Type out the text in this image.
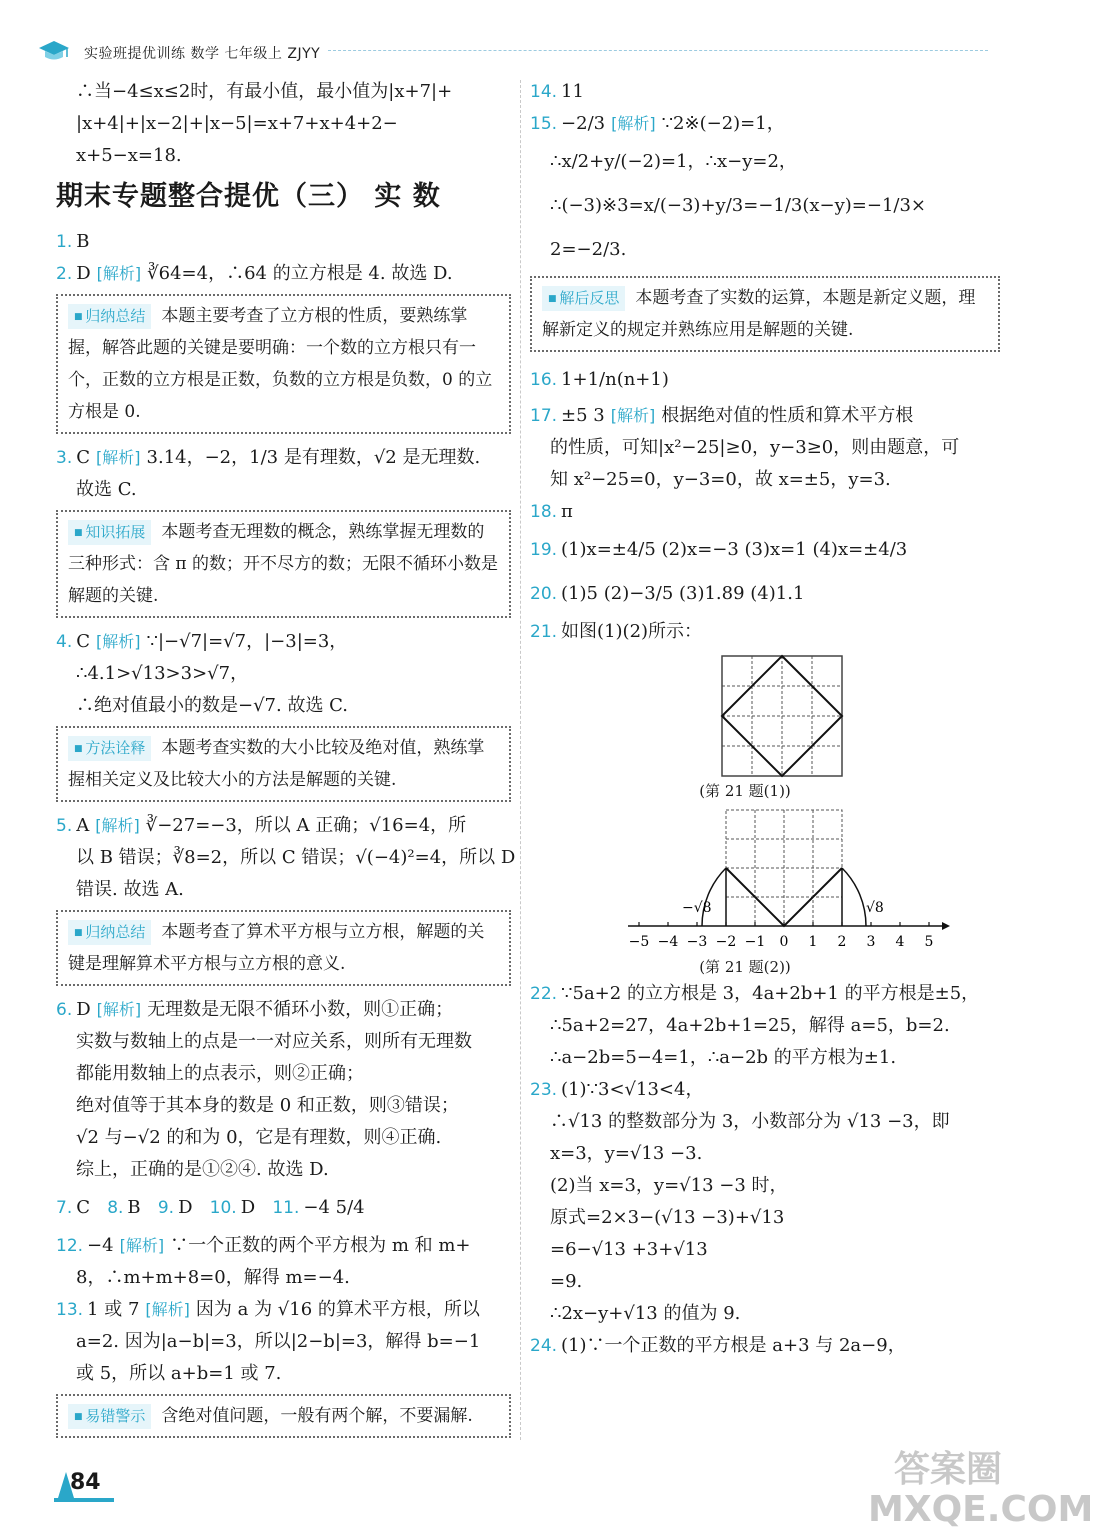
实验班提优训练 数学 七年级上 ZJYY
∴当−4≤x≤2时，有最小值，最小值为|x+7|+
|x+4|+|x−2|+|x−5|=x+7+x+4+2−
x+5−x=18.
期末专题整合提优（三） 实 数
1. B
2. D [解析] ∛64=4，∴64 的立方根是 4. 故选 D.
■ 归纳总结 本题主要考查了立方根的性质，要熟练掌握，解答此题的关键是要明确：一个数的立方根只有一个，正数的立方根是正数，负数的立方根是负数，0 的立方根是 0.
3. C [解析] 3.14，−2，1/3 是有理数，√2 是无理数.
故选 C.
■ 知识拓展 本题考查无理数的概念，熟练掌握无理数的三种形式：含 π 的数；开不尽方的数；无限不循环小数是解题的关键.
4. C [解析] ∵|−√7|=√7，|−3|=3，
∴4.1>√13>3>√7，
∴绝对值最小的数是−√7. 故选 C.
■ 方法诠释 本题考查实数的大小比较及绝对值，熟练掌握相关定义及比较大小的方法是解题的关键.
5. A [解析] ∛−27=−3，所以 A 正确；√16=4，所
以 B 错误；∛8=2，所以 C 错误；√(−4)²=4，所以 D
错误. 故选 A.
■ 归纳总结 本题考查了算术平方根与立方根，解题的关键是理解算术平方根与立方根的意义.
6. D [解析] 无理数是无限不循环小数，则①正确；
实数与数轴上的点是一一对应关系，则所有无理数
都能用数轴上的点表示，则②正确；
绝对值等于其本身的数是 0 和正数，则③错误；
√2 与−√2 的和为 0，它是有理数，则④正确.
综上，正确的是①②④. 故选 D.
7. C 8. B 9. D 10. D 11. −4 5/4
12. −4 [解析] ∵一个正数的两个平方根为 m 和 m+
8，∴m+m+8=0，解得 m=−4.
13. 1 或 7 [解析] 因为 a 为 √16 的算术平方根，所以
a=2. 因为|a−b|=3，所以|2−b|=3，解得 b=−1
或 5，所以 a+b=1 或 7.
■ 易错警示 含绝对值问题，一般有两个解，不要漏解.
14. 11
15. −2/3 [解析] ∵2※(−2)=1，
∴x/2+y/(−2)=1，∴x−y=2，
∴(−3)※3=x/(−3)+y/3=−1/3(x−y)=−1/3×
2=−2/3.
■ 解后反思 本题考查了实数的运算，本题是新定义题，理解新定义的规定并熟练应用是解题的关键.
16. 1+1/n(n+1)
17. ±5 3 [解析] 根据绝对值的性质和算术平方根
的性质，可知|x²−25|≥0，y−3≥0，则由题意，可
知 x²−25=0，y−3=0，故 x=±5，y=3.
18. π
19. (1)x=±4/5 (2)x=−3 (3)x=1 (4)x=±4/3
20. (1)5 (2)−3/5 (3)1.89 (4)1.1
21. 如图(1)(2)所示：
(第 21 题(1))
−√8	√8
−5 −4 −3 −2 −1 0 1 2 3 4 5
(第 21 题(2))
22. ∵5a+2 的立方根是 3，4a+2b+1 的平方根是±5，
∴5a+2=27，4a+2b+1=25，解得 a=5，b=2.
∴a−2b=5−4=1，∴a−2b 的平方根为±1.
23. (1)∵3<√13<4，
∴√13 的整数部分为 3，小数部分为 √13 −3，即
x=3，y=√13 −3.
(2)当 x=3，y=√13 −3 时，
原式=2×3−(√13 −3)+√13
=6−√13 +3+√13
=9.
∴2x−y+√13 的值为 9.
24. (1)∵一个正数的平方根是 a+3 与 2a−9，
84	答案圈 MXQE.COM
